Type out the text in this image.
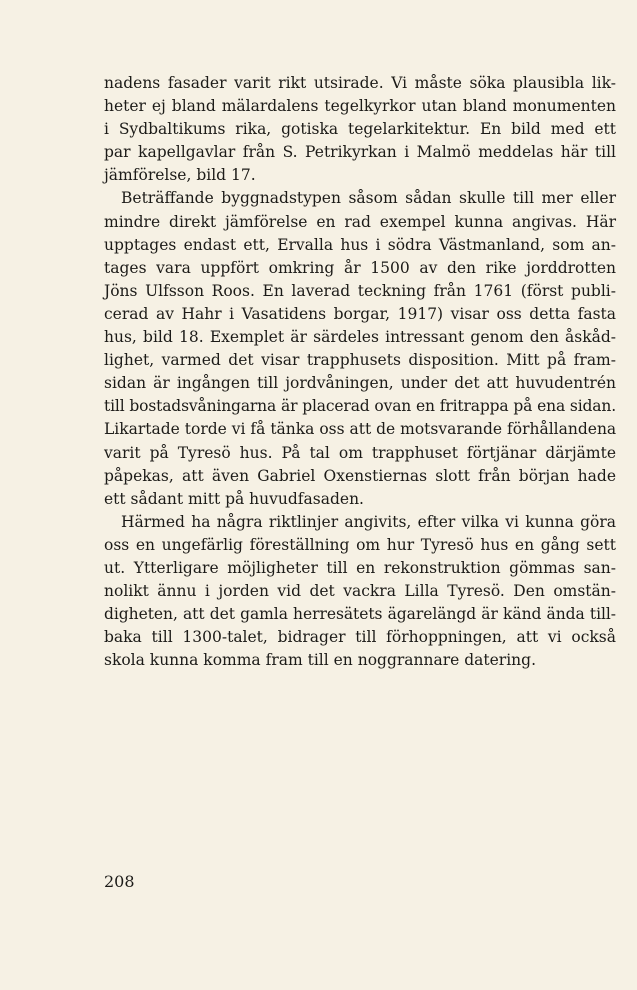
nadens fasader varit rikt utsirade. Vi måste söka plausibla lik-
heter ej bland mälardalens tegelkyrkor utan bland monumenten
i Sydbaltikums rika, gotiska tegelarkitektur. En bild med ett
par kapellgavlar från S. Petrikyrkan i Malmö meddelas här till
jämförelse, bild 17.

Beträffande byggnadstypen såsom sådan skulle till mer eller
mindre direkt jämförelse en rad exempel kunna angivas. Här
upptages endast ett, Ervalla hus i södra Västmanland, som an-
tages vara uppfört omkring år 1500 av den rike jorddrotten
Jöns Ulfsson Roos. En laverad teckning från 1761 (först publi-
cerad av Hahr i Vasatidens borgar, 1917) visar oss detta fasta
hus, bild 18. Exemplet är särdeles intressant genom den åskåd-
lighet, varmed det visar trapphusets disposition. Mitt på fram-
sidan är ingången till jordvåningen, under det att huvudentrén
till bostadsvåningarna är placerad ovan en fritrappa på ena sidan.
Likartade torde vi få tänka oss att de motsvarande förhållandena
varit på Tyresö hus. På tal om trapphuset förtjänar därjämte
påpekas, att även Gabriel Oxenstiernas slott från början hade
ett sådant mitt på huvudfasaden.

Härmed ha några riktlinjer angivits, efter vilka vi kunna göra
oss en ungefärlig föreställning om hur Tyresö hus en gång sett
ut. Ytterligare möjligheter till en rekonstruktion gömmas san-
nolikt ännu i jorden vid det vackra Lilla Tyresö. Den omstän-
digheten, att det gamla herresätets ägarelängd är känd ända till-
baka till 1300-talet, bidrager till förhoppningen, att vi också
skola kunna komma fram till en noggrannare datering.

208
